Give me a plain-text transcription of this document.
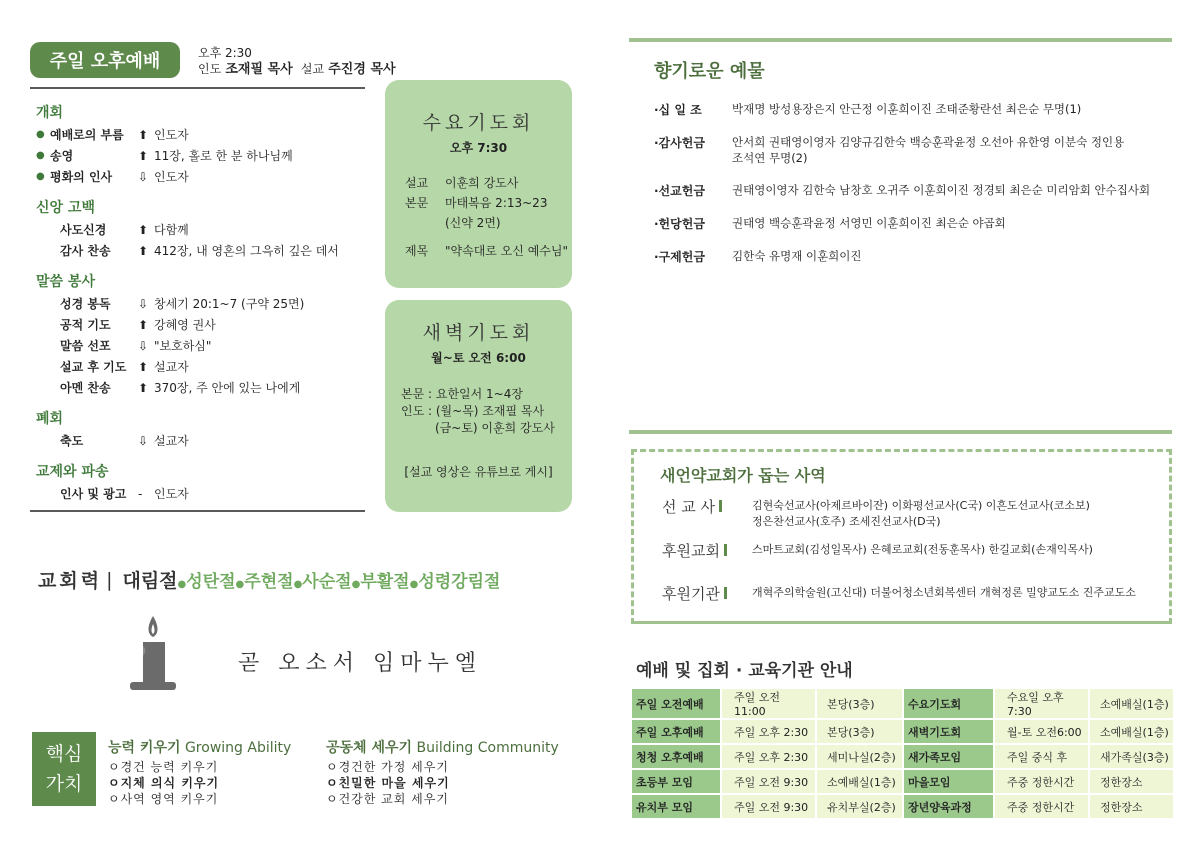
주일 오후예배	오후 2:30
인도 조재필 목사 설교 주진경 목사
개회
● 예배로의 부름	⬆ 인도자
● 송영	⬆ 11장, 홀로 한 분 하나님께
● 평화의 인사	⇩ 인도자
신앙 고백
사도신경	⬆ 다함께
감사 찬송	⬆ 412장, 내 영혼의 그윽히 깊은 데서
말씀 봉사
성경 봉독	⇩ 창세기 20:1~7 (구약 25면)
공적 기도	⬆ 강혜영 권사
말씀 선포	⇩ "보호하심"
설교 후 기도 ⬆ 설교자
아멘 찬송	⬆ 370장, 주 안에 있는 나에게
폐회
축도	⇩ 설교자
교제와 파송
인사 및 광고 - 인도자
수요기도회
오후 7:30
설교	이훈희 강도사
본문	마태복음 2:13~23
(신약 2면)
제목	"약속대로 오신 예수님"
새벽기도회
월~토 오전 6:00
본문 : 요한일서 1~4장
인도 : (월~목) 조재필 목사
(금~토) 이훈희 강도사
[설교 영상은 유튜브로 게시]
교회력 | 대림절 ●성탄절●주현절●사순절●부활절●성령강림절
곧 오소서 임마누엘
핵심
가치
능력 키우기 Growing Ability
ㅇ경건 능력 키우기
ㅇ지체 의식 키우기
ㅇ사역 영역 키우기
공동체 세우기 Building Community
ㅇ경건한 가정 세우기
ㅇ친밀한 마을 세우기
ㅇ건강한 교회 세우기
향기로운 예물
·십 일 조	박재명 방성용장은지 안근정 이훈희이진 조태준황란선 최은순 무명(1)
·감사헌금	안서희 권태영이영자 김양규김한숙 백승훈곽윤정 오선아 유한영 이분숙 정인용
조석연 무명(2)
·선교헌금	권태영이영자 김한숙 남창호 오귀주 이훈희이진 정경퇴 최은순 미리암회 안수집사회
·헌당헌금	권태영 백승훈곽윤정 서영민 이훈희이진 최은순 야곱회
·구제헌금	김한숙 유명재 이훈희이진
새언약교회가 돕는 사역
선 교 사	김현숙선교사(아제르바이잔) 이화평선교사(C국) 이흔도선교사(코소보)
정은찬선교사(호주) 조세진선교사(D국)
후원교회	스마트교회(김성일목사) 은혜로교회(전동훈목사) 한길교회(손재익목사)
후원기관	개혁주의학술원(고신대) 더불어청소년회복센터 개혁정론 밀양교도소 진주교도소
예배 및 집회 · 교육기관 안내
주일 오전예배	주일 오전11:00	본당(3층)	수요기도회	수요일 오후7:30	소예배실(1층)
주일 오후예배	주일 오후 2:30	본당(3층)	새벽기도회	월-토 오전6:00	소예배실(1층)
청청 오후예배	주일 오후 2:30	세미나실(2층)	새가족모임	주일 중식 후	새가족실(3층)
초등부 모임	주일 오전 9:30	소예배실(1층)	마을모임	주중 정한시간	정한장소
유치부 모임	주일 오전 9:30	유치부실(2층)	장년양육과정	주중 정한시간	정한장소
